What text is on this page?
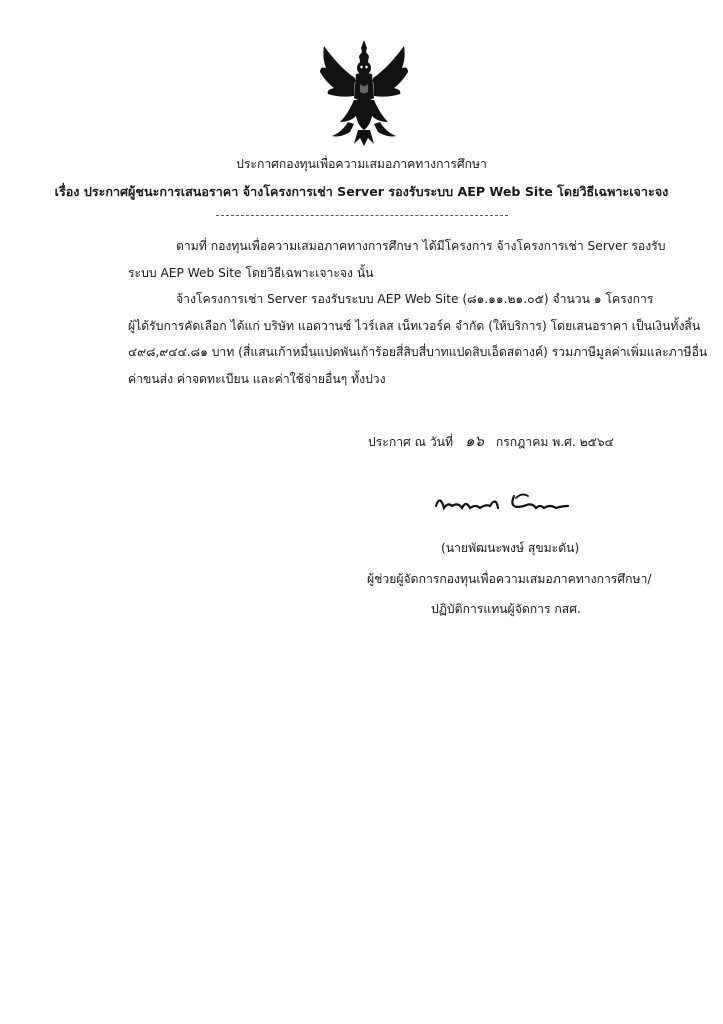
ประกาศกองทุนเพื่อความเสมอภาคทางการศึกษา
เรื่อง ประกาศผู้ชนะการเสนอราคา จ้างโครงการเช่า Server รองรับระบบ AEP Web Site โดยวิธีเฉพาะเจาะจง
ตามที่ กองทุนเพื่อความเสมอภาคทางการศึกษา ได้มีโครงการ จ้างโครงการเช่า Server รองรับ
ระบบ AEP Web Site โดยวิธีเฉพาะเจาะจง นั้น
จ้างโครงการเช่า Server รองรับระบบ AEP Web Site (๘๑.๑๑.๒๑.๐๕) จำนวน ๑ โครงการ
ผู้ได้รับการคัดเลือก ได้แก่ บริษัท แอดวานซ์ ไวร์เลส เน็ทเวอร์ค จำกัด (ให้บริการ) โดยเสนอราคา เป็นเงินทั้งสิ้น
๔๙๘,๙๔๔.๘๑ บาท (สี่แสนเก้าหมื่นแปดพันเก้าร้อยสี่สิบสี่บาทแปดสิบเอ็ดสตางค์) รวมภาษีมูลค่าเพิ่มและภาษีอื่น
ค่าขนส่ง ค่าจดทะเบียน และค่าใช้จ่ายอื่นๆ ทั้งปวง
ประกาศ ณ วันที่ ๑๖ กรกฎาคม พ.ศ. ๒๕๖๔
(นายพัฒนะพงษ์ สุขมะดัน)
ผู้ช่วยผู้จัดการกองทุนเพื่อความเสมอภาคทางการศึกษา/
ปฏิบัติการแทนผู้จัดการ กสศ.
